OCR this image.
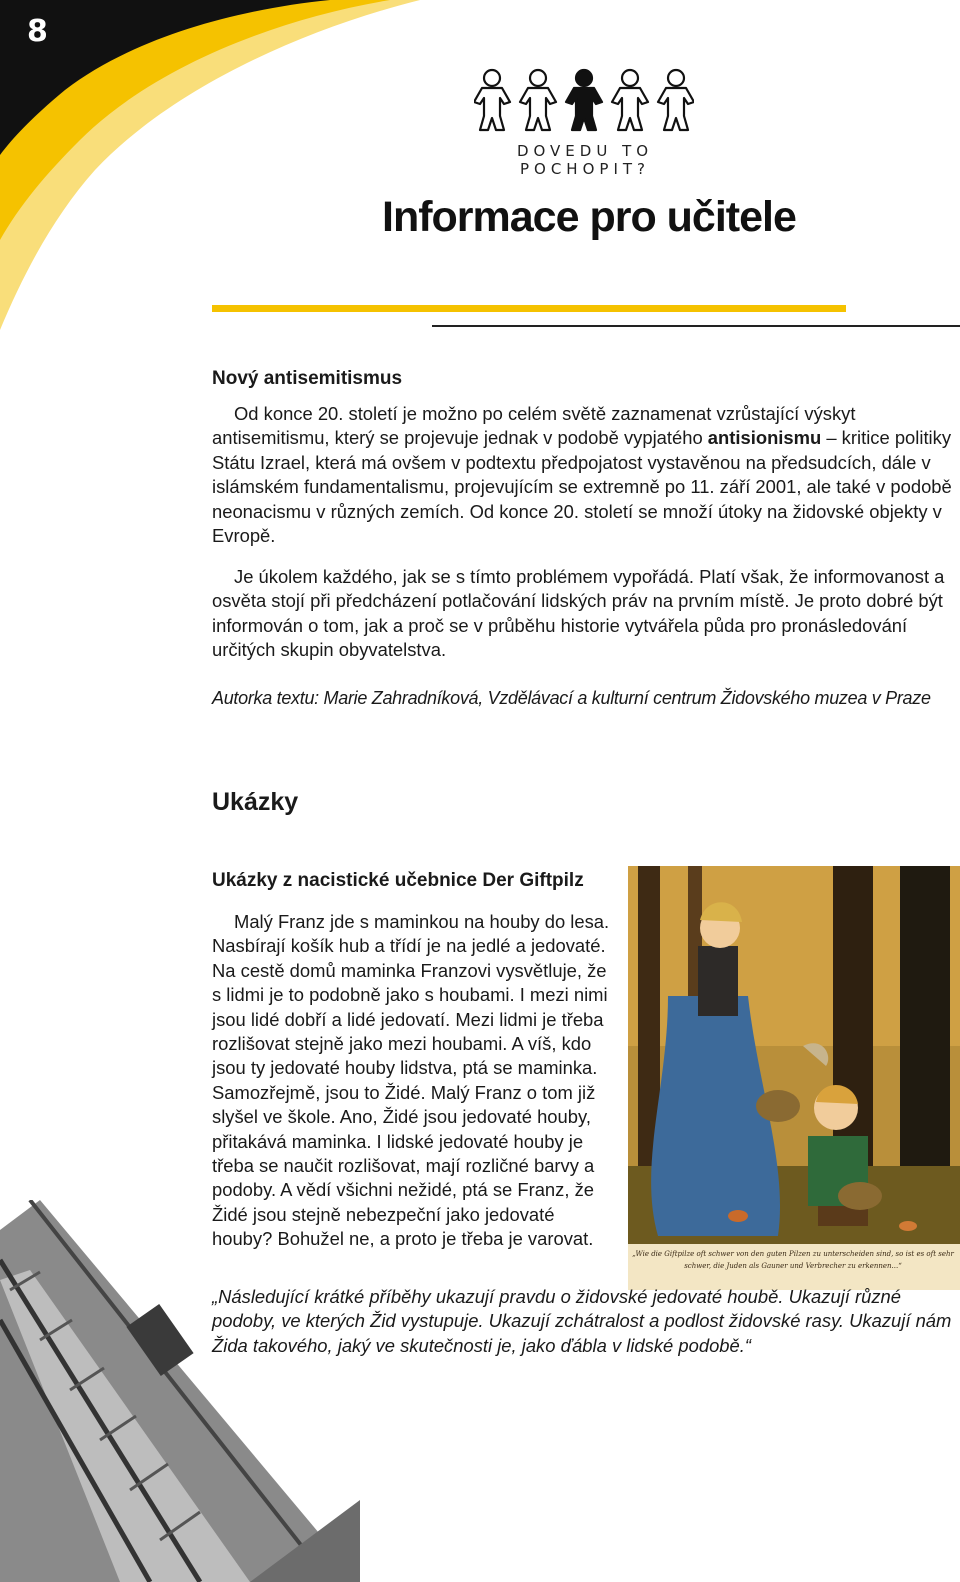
8
DOVEDU TO POCHOPIT?
Informace pro učitele
Nový antisemitismus

Od konce 20. století je možno po celém světě zaznamenat vzrůstající výskyt antisemitismu, který se projevuje jednak v podobě vypjatého antisionismu – kritice politiky Státu Izrael, která má ovšem v podtextu předpojatost vystavěnou na předsudcích, dále v islámském fundamentalismu, projevujícím se extremně po 11. září 2001, ale také v podobě neonacismu v různých zemích. Od konce 20. století se množí útoky na židovské objekty v Evropě.

Je úkolem každého, jak se s tímto problémem vypořádá. Platí však, že informovanost a osvěta stojí při předcházení potlačování lidských práv na prvním místě. Je proto dobré být informován o tom, jak a proč se v průběhu historie vytvářela půda pro pronásledování určitých skupin obyvatelstva.

Autorka textu: Marie Zahradníková, Vzdělávací a kulturní centrum Židovského muzea v Praze

Ukázky
Ukázky z nacistické učebnice Der Giftpilz

Malý Franz jde s maminkou na houby do lesa. Nasbírají košík hub a třídí je na jedlé a jedovaté. Na cestě domů maminka Franzovi vysvětluje, že s lidmi je to podobně jako s houbami. I mezi nimi jsou lidé dobří a lidé jedovatí. Mezi lidmi je třeba rozlišovat stejně jako mezi houbami. A víš, kdo jsou ty jedovaté houby lidstva, ptá se maminka. Samozřejmě, jsou to Židé. Malý Franz o tom již slyšel ve škole. Ano, Židé jsou jedovaté houby, přitakává maminka. I lidské jedovaté houby je třeba se naučit rozlišovat, mají rozličné barvy a podoby. A vědí všichni nežidé, ptá se Franz, že Židé jsou stejně nebezpeční jako jedovaté houby? Bohužel ne, a proto je třeba je varovat.

„Wie die Giftpilze oft schwer von den guten Pilzen zu unterscheiden sind, so ist es oft sehr schwer, die Juden als Gauner und Verbrecher zu erkennen...“

„Následující krátké příběhy ukazují pravdu o židovské jedovaté houbě. Ukazují různé podoby, ve kterých Žid vystupuje. Ukazují zchátralost a podlost židovské rasy. Ukazují nám Žida takového, jaký ve skutečnosti je, jako ďábla v lidské podobě.“
